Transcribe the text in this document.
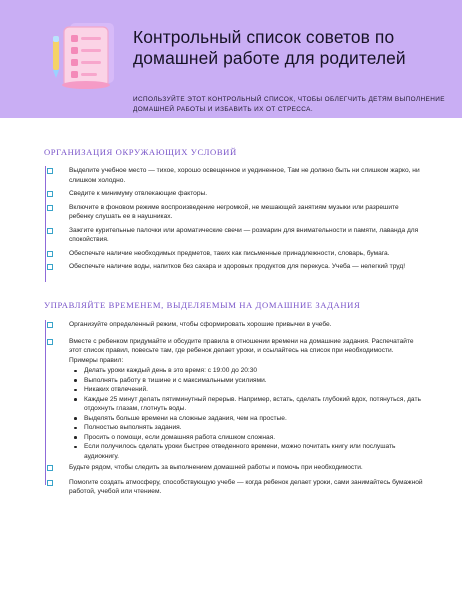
Контрольный список советов по домашней работе для родителей
ИСПОЛЬЗУЙТЕ ЭТОТ КОНТРОЛЬНЫЙ СПИСОК, ЧТОБЫ ОБЛЕГЧИТЬ ДЕТЯМ ВЫПОЛНЕНИЕ ДОМАШНЕЙ РАБОТЫ И ИЗБАВИТЬ ИХ ОТ СТРЕССА.
ОРГАНИЗАЦИЯ ОКРУЖАЮЩИХ УСЛОВИЙ
Выделите учебное место — тихое, хорошо освещенное и уединенное, Там не должно быть ни слишком жарко, ни слишком холодно.
Сведите к минимуму отвлекающие факторы.
Включите в фоновом режиме воспроизведение негромкой, не мешающей занятиям музыки или разрешите ребенку слушать ее в наушниках.
Зажгите курительные палочки или ароматические свечи — розмарин для внимательности и памяти, лаванда для спокойствия.
Обеспечьте наличие необходимых предметов, таких как письменные принадлежности, словарь, бумага.
Обеспечьте наличие воды, напитков без сахара и здоровых продуктов для перекуса. Учеба — нелегкий труд!
УПРАВЛЯЙТЕ ВРЕМЕНЕМ, ВЫДЕЛЯЕМЫМ НА ДОМАШНИЕ ЗАДАНИЯ
Организуйте определенный режим, чтобы сформировать хорошие привычки в учебе.
Вместе с ребенком придумайте и обсудите правила в отношении времени на домашние задания. Распечатайте этот список правил, повесьте там, где ребенок делает уроки, и ссылайтесь на список при необходимости. Примеры правил:
Делать уроки каждый день в это время: с 19:00 до 20:30
Выполнять работу в тишине и с максимальными усилиями.
Никаких отвлечений.
Каждые 25 минут делать пятиминутный перерыв. Например, встать, сделать глубокий вдох, потянуться, дать отдохнуть глазам, глотнуть воды.
Выделять больше времени на сложные задания, чем на простые.
Полностью выполнять задания.
Просить о помощи, если домашняя работа слишком сложная.
Если получилось сделать уроки быстрее отведенного времени, можно почитать книгу или послушать аудиокнигу.
Будьте рядом, чтобы следить за выполнением домашней работы и помочь при необходимости.
Помогите создать атмосферу, способствующую учебе — когда ребенок делает уроки, сами занимайтесь бумажной работой, учебой или чтением.
